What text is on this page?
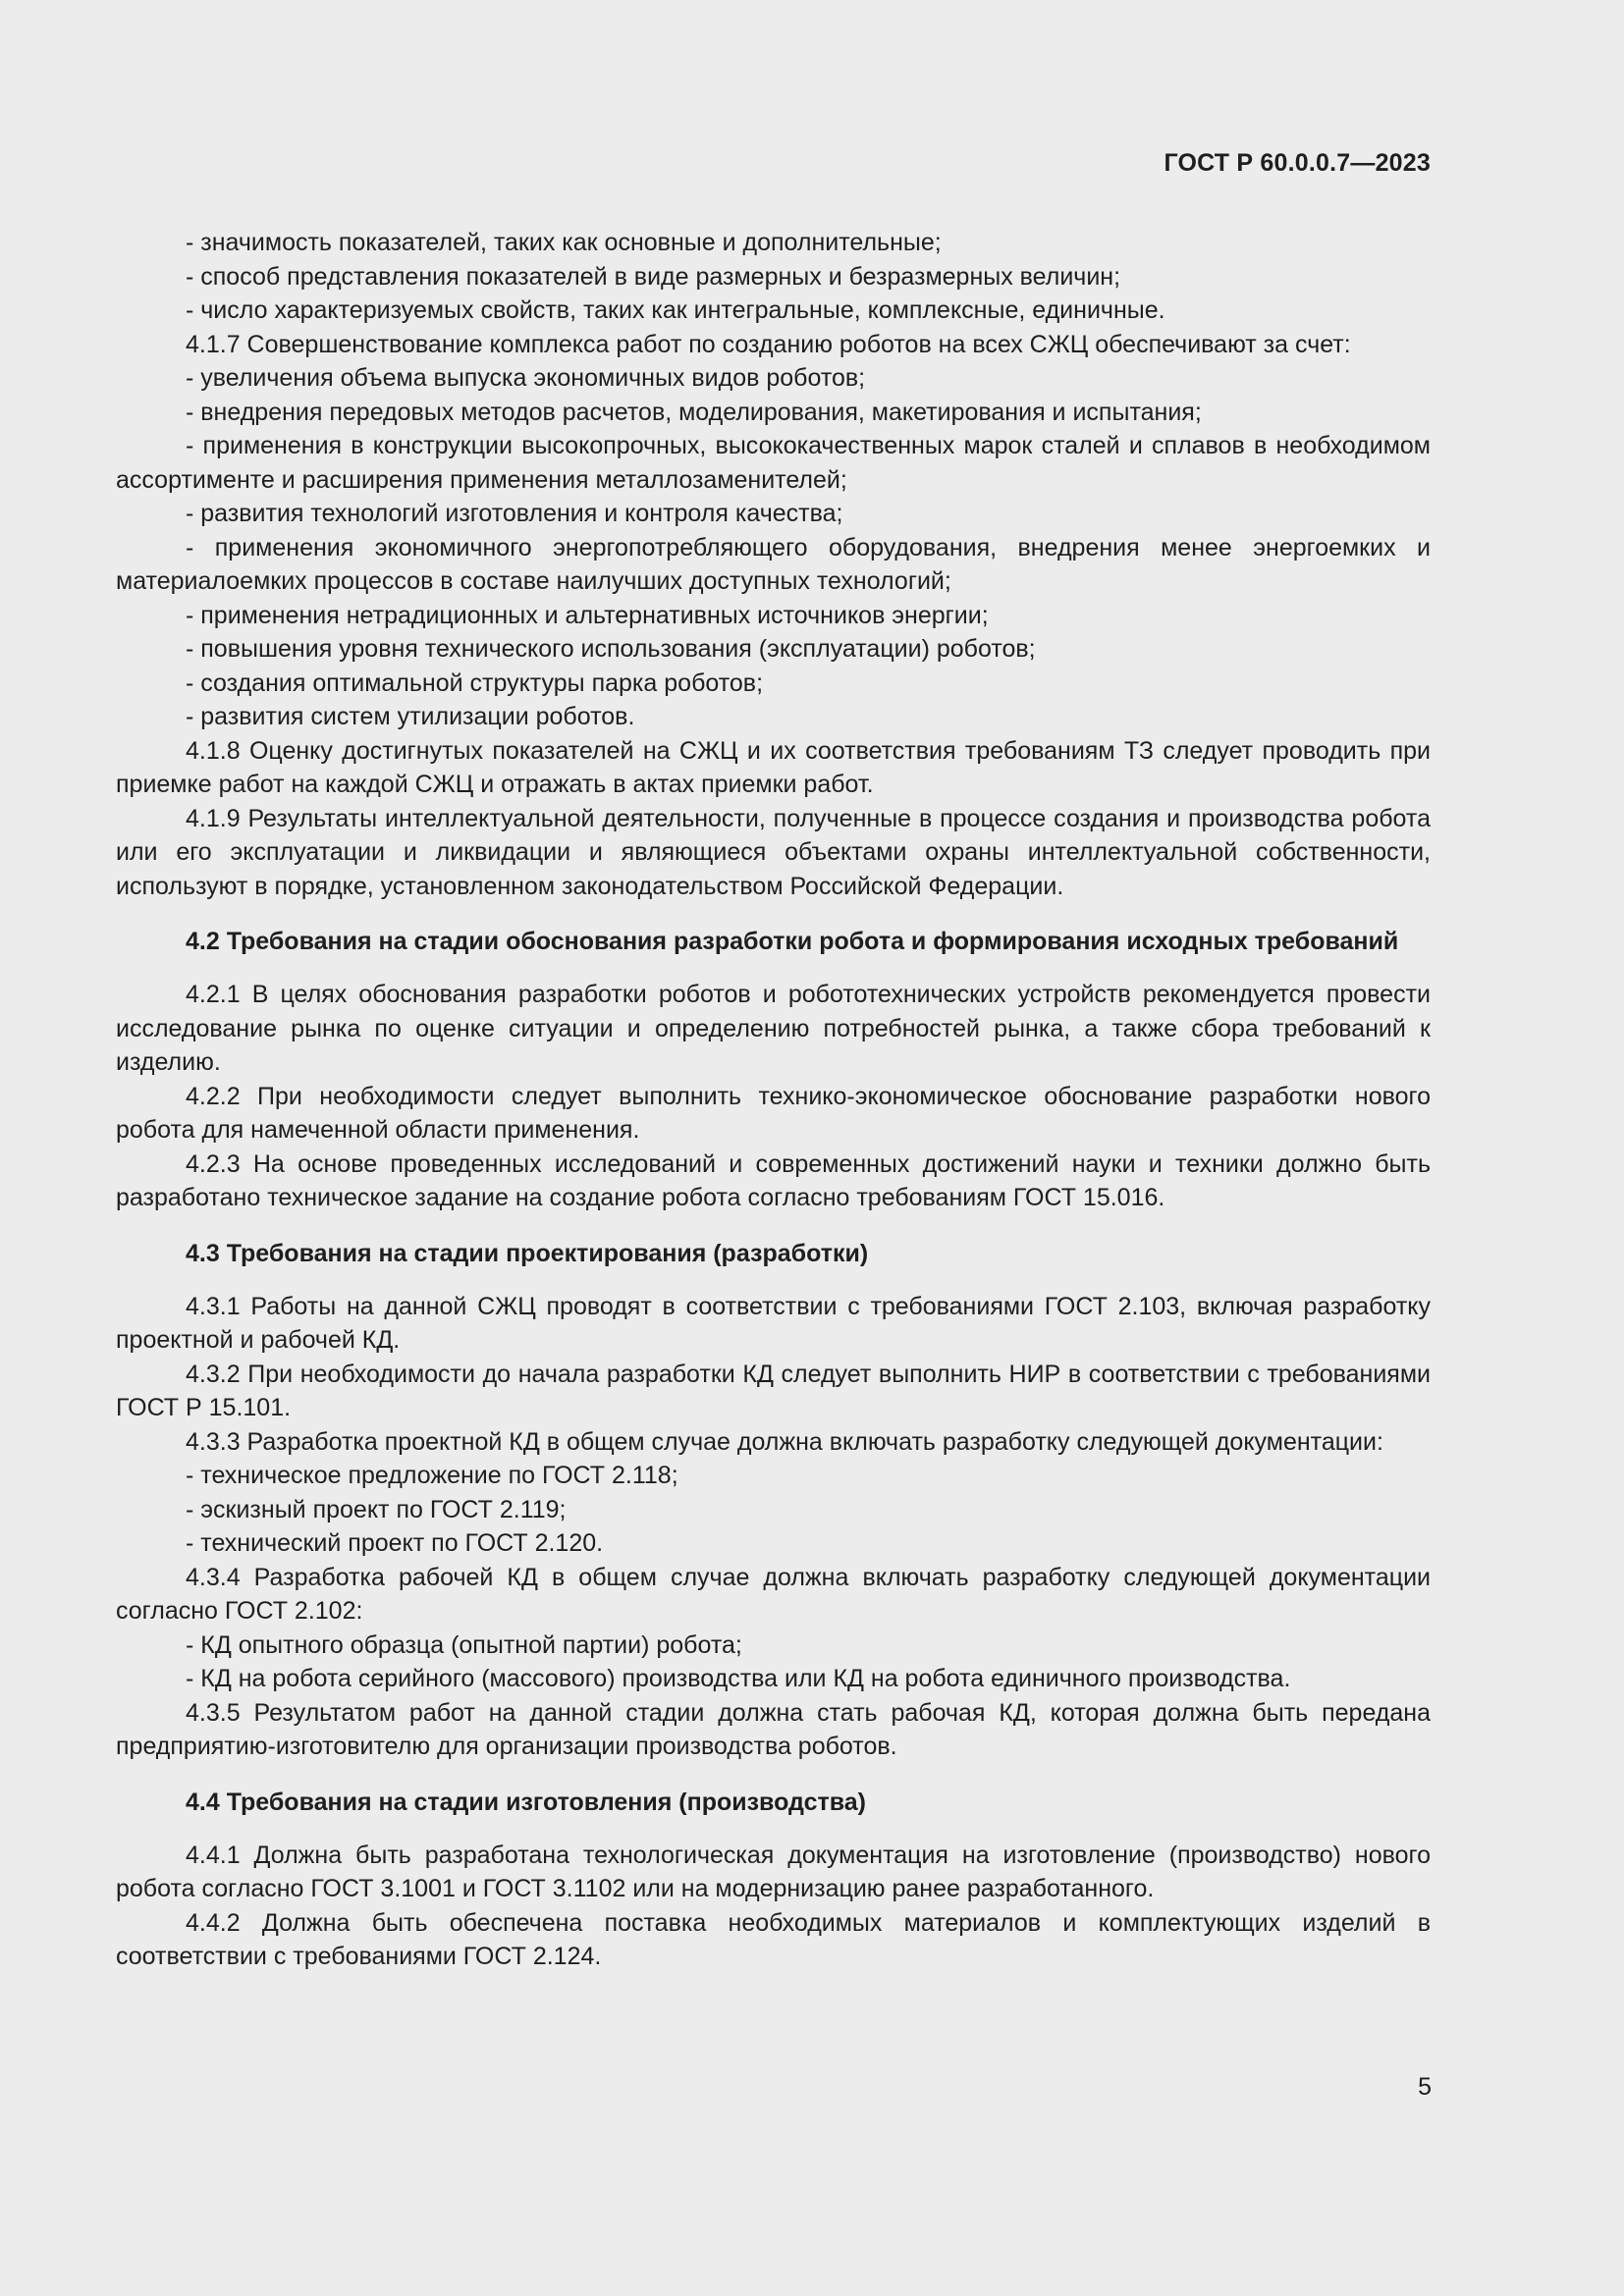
ГОСТ Р 60.0.0.7—2023

- значимость показателей, таких как основные и дополнительные;

- способ представления показателей в виде размерных и безразмерных величин;

- число характеризуемых свойств, таких как интегральные, комплексные, единичные.

4.1.7 Совершенствование комплекса работ по созданию роботов на всех СЖЦ обеспечивают за счет:

- увеличения объема выпуска экономичных видов роботов;

- внедрения передовых методов расчетов, моделирования, макетирования и испытания;

- применения в конструкции высокопрочных, высококачественных марок сталей и сплавов в необходимом ассортименте и расширения применения металлозаменителей;

- развития технологий изготовления и контроля качества;

- применения экономичного энергопотребляющего оборудования, внедрения менее энергоемких и материалоемких процессов в составе наилучших доступных технологий;

- применения нетрадиционных и альтернативных источников энергии;

- повышения уровня технического использования (эксплуатации) роботов;

- создания оптимальной структуры парка роботов;

- развития систем утилизации роботов.

4.1.8 Оценку достигнутых показателей на СЖЦ и их соответствия требованиям ТЗ следует проводить при приемке работ на каждой СЖЦ и отражать в актах приемки работ.

4.1.9 Результаты интеллектуальной деятельности, полученные в процессе создания и производства робота или его эксплуатации и ликвидации и являющиеся объектами охраны интеллектуальной собственности, используют в порядке, установленном законодательством Российской Федерации.

4.2 Требования на стадии обоснования разработки робота и формирования исходных требований

4.2.1 В целях обоснования разработки роботов и робототехнических устройств рекомендуется провести исследование рынка по оценке ситуации и определению потребностей рынка, а также сбора требований к изделию.

4.2.2 При необходимости следует выполнить технико-экономическое обоснование разработки нового робота для намеченной области применения.

4.2.3 На основе проведенных исследований и современных достижений науки и техники должно быть разработано техническое задание на создание робота согласно требованиям ГОСТ 15.016.

4.3 Требования на стадии проектирования (разработки)

4.3.1 Работы на данной СЖЦ проводят в соответствии с требованиями ГОСТ 2.103, включая разработку проектной и рабочей КД.

4.3.2 При необходимости до начала разработки КД следует выполнить НИР в соответствии с требованиями ГОСТ Р 15.101.

4.3.3 Разработка проектной КД в общем случае должна включать разработку следующей документации:

- техническое предложение по ГОСТ 2.118;

- эскизный проект по ГОСТ 2.119;

- технический проект по ГОСТ 2.120.

4.3.4 Разработка рабочей КД в общем случае должна включать разработку следующей документации согласно ГОСТ 2.102:

- КД опытного образца (опытной партии) робота;

- КД на робота серийного (массового) производства или КД на робота единичного производства.

4.3.5 Результатом работ на данной стадии должна стать рабочая КД, которая должна быть передана предприятию-изготовителю для организации производства роботов.

4.4 Требования на стадии изготовления (производства)

4.4.1 Должна быть разработана технологическая документация на изготовление (производство) нового робота согласно ГОСТ 3.1001 и ГОСТ 3.1102 или на модернизацию ранее разработанного.

4.4.2 Должна быть обеспечена поставка необходимых материалов и комплектующих изделий в соответствии с требованиями ГОСТ 2.124.

5
